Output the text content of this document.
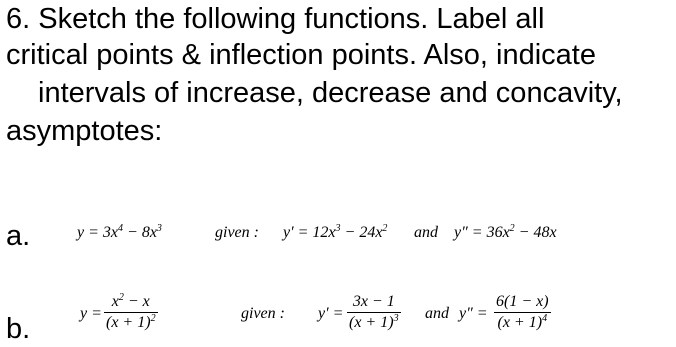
6. Sketch the following functions. Label all
critical points & inflection points. Also, indicate
intervals of increase, decrease and concavity,
asymptotes:
a.	$y = 3x^4 - 8x^3$	given : $y' = 12x^3 - 24x^2$ and $y'' = 36x^2 - 48x$
b.	y =
$x^2 - x$
$(x + 1)^2$	given : y′ =
3x − 1
$(x + 1)^3$ and y″ =
6(1 − x)
$(x + 1)^4$
